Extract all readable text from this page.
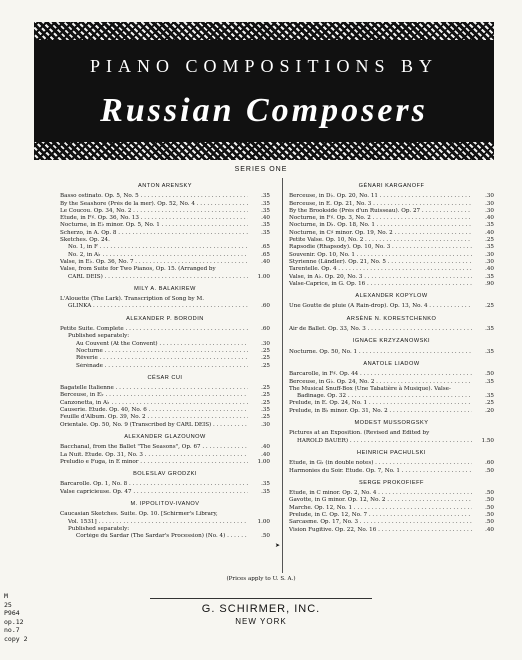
PIANO COMPOSITIONS BY
Russian Composers
SERIES ONE
ANTON ARENSKY
Basso ostinato. Op. 5, No. 5 . . .	.35
By the Seashore (Près de la mer). Op. 52, No. 4 . . .	.35
Le Coucou. Op. 34, No. 2 . . .	.35
Étude, in F♯. Op. 36, No. 13 . . .	.40
Nocturne, in E♭ minor. Op. 5, No. 1 . . .	.35
Scherzo, in A. Op. 8 . . .	.35
Sketches. Op. 24.
No. 1, in F . . .	.65
No. 2, in A♭ . . .	.65
Valse, in E♭. Op. 36, No. 7 . . .	.40
Valse, from Suite for Two Pianos, Op. 15. (Arranged by
CARL DEIS) . . .	1.00
MILY A. BALAKIREW
L'Alouette (The Lark). Transcription of Song by M.
GLINKA . . .	.60
ALEXANDER P. BORODIN
Petite Suite. Complete . . .	.60
Published separately:
Au Couvent (At the Convent) . . .	.30
Nocturne . . .	.25
Rêverie . . .	.25
Sérénade . . .	.25
CÉSAR CUI
Bagatelle Italienne . . .	.25
Berceuse, in E♭ . . .	.25
Canzonetta, in A♭ . . .	.25
Causerie. Étude. Op. 40, No. 6 . . .	.35
Feuille d'Album. Op. 39, No. 2 . . .	.25
Orientale. Op. 50, No. 9 (Transcribed by CARL DEIS) . . .	.30
ALEXANDER GLAZOUNOW
Bacchanal, from the Ballet "The Seasons", Op. 67 . . .	.40
La Nuit. Étude. Op. 31, No. 3 . . .	.40
Preludio e Fuga, in E minor . . .	1.00
BOLESLAV GRODZKI
Barcarolle. Op. 1, No. 8 . . .	.35
Valse capricieuse. Op. 47 . . .	.35
M. IPPOLITOV-IVANOV
Caucasian Sketches. Suite. Op. 10. [Schirmer's Library,
Vol. 1531] . . .	1.00
Published separately:
Cortège du Sardar (The Sardar's Procession) (No. 4) . . .	.50
GÉNARI KARGANOFF
Berceuse, in D♭. Op. 20, No. 11 . . .	.30
Berceuse, in E. Op. 21, No. 3 . . .	.30
By the Brookside (Près d'un Ruisseau). Op. 27 . . .	.30
Nocturne, in F♯. Op. 3, No. 2 . . .	.40
Nocturne, in D♭. Op. 18, No. 1 . . .	.35
Nocturne, in C♯ minor. Op. 19, No. 2 . . .	.40
Petite Valse. Op. 10, No. 2 . . .	.25
Rapsodie (Rhapsody). Op. 10, No. 3 . . .	.35
Souvenir. Op. 10, No. 1 . . .	.30
Styrienne (Ländler). Op. 21, No. 5 . . .	.30
Tarentelle. Op. 4 . . .	.40
Valse, in A♭. Op. 20, No. 3 . . .	.35
Valse-Caprice, in G. Op. 16 . . .	.90
ALEXANDER KOPYLOW
Une Goutte de pluie (A Rain-drop). Op. 13, No. 4 . . .	.25
ARSÈNE N. KORESTCHENKO
Air de Ballet. Op. 33, No. 3 . . .	.35
IGNACE KRZYZANOWSKI
Nocturne. Op. 50, No. 1 . . .	.35
ANATOLE LIADOW
Barcarolle, in F♯. Op. 44 . . .	.50
Berceuse, in G♭. Op. 24, No. 2 . . .	.35
The Musical Snuff-Box (Une Tabatière à Musique). Valse-
Badinage. Op. 32 . . .	.35
Prelude, in E. Op. 24, No. 1 . . .	.25
Prelude, in B♭ minor. Op. 31, No. 2 . . .	.20
MODEST MUSSORGSKY
Pictures at an Exposition. (Revised and Edited by
HAROLD BAUER) . . .	1.50
HEINRICH PACHULSKI
Étude, in G♭ (in double notes) . . .	.60
Harmonies du Soir. Étude. Op. 7, No. 1 . . .	.50
SERGE PROKOFIEFF
Étude, in C minor. Op. 2, No. 4 . . .	.50
Gavotte, in G minor. Op. 12, No. 2 . . .	.50
Marche. Op. 12, No. 1 . . .	.50
Prelude, in C. Op. 12, No. 7 . . .	.50
Sarcasme. Op. 17, No. 3 . . .	.50
Vision Fugitive. Op. 22, No. 16 . . .	.40
➤
(Prices apply to U. S. A.)
G. SCHIRMER, INC.
NEW YORK
M
25
P964
op.12
no.7
copy 2
